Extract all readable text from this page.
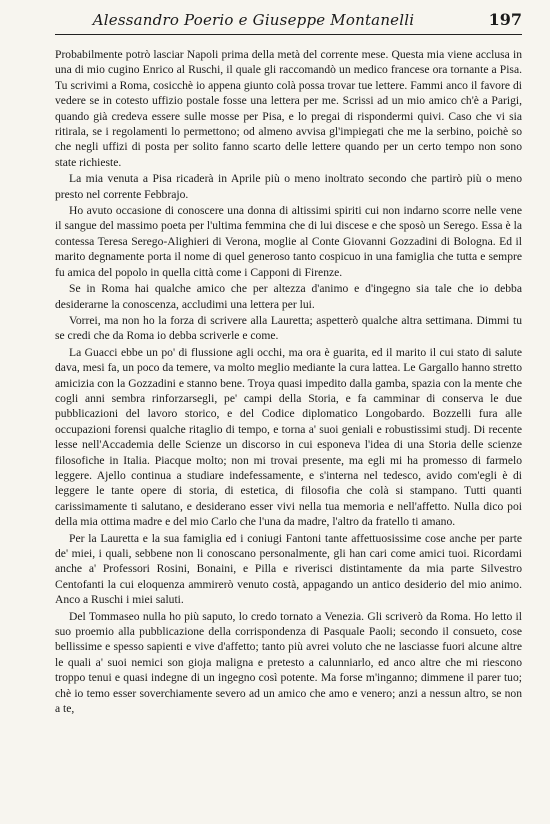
Alessandro Poerio e Giuseppe Montanelli	197

Probabilmente potrò lasciar Napoli prima della metà del corrente mese. Questa mia viene acclusa in una di mio cugino Enrico al Ruschi, il quale gli raccomandò un medico francese ora tornante a Pisa. Tu scrivimi a Roma, cosicchè io appena giunto colà possa trovar tue lettere. Fammi anco il favore di vedere se in cotesto uffizio postale fosse una lettera per me. Scrissi ad un mio amico ch'è a Parigi, quando già credeva essere sulle mosse per Pisa, e lo pregai di rispondermi quivi. Caso che vi sia ritirala, se i regolamenti lo permettono; od almeno avvisa gl'impiegati che me la serbino, poichè so che negli uffizi di posta per solito fanno scarto delle lettere quando per un certo tempo non sono state richieste.

La mia venuta a Pisa ricaderà in Aprile più o meno inoltrato secondo che partirò più o meno presto nel corrente Febbrajo.

Ho avuto occasione di conoscere una donna di altissimi spiriti cui non indarno scorre nelle vene il sangue del massimo poeta per l'ultima femmina che di lui discese e che sposò un Serego. Essa è la contessa Teresa Serego-Alighieri di Verona, moglie al Conte Giovanni Gozzadini di Bologna. Ed il marito degnamente porta il nome di quel generoso tanto cospicuo in una famiglia che tutta e sempre fu amica del popolo in quella città come i Capponi di Firenze.

Se in Roma hai qualche amico che per altezza d'animo e d'ingegno sia tale che io debba desiderarne la conoscenza, accludimi una lettera per lui.

Vorrei, ma non ho la forza di scrivere alla Lauretta; aspetterò qualche altra settimana. Dimmi tu se credi che da Roma io debba scriverle e come.

La Guacci ebbe un po' di flussione agli occhi, ma ora è guarita, ed il marito il cui stato di salute dava, mesi fa, un poco da temere, va molto meglio mediante la cura lattea. Le Gargallo hanno stretto amicizia con la Gozzadini e stanno bene. Troya quasi impedito dalla gamba, spazia con la mente che cogli anni sembra rinforzarsegli, pe' campi della Storia, e fa camminar di conserva le due pubblicazioni del lavoro storico, e del Codice diplomatico Longobardo. Bozzelli fura alle occupazioni forensi qualche ritaglio di tempo, e torna a' suoi geniali e robustissimi studj. Di recente lesse nell'Accademia delle Scienze un discorso in cui esponeva l'idea di una Storia delle scienze filosofiche in Italia. Piacque molto; non mi trovai presente, ma egli mi ha promesso di farmelo leggere. Ajello continua a studiare indefessamente, e s'interna nel tedesco, avido com'egli è di leggere le tante opere di storia, di estetica, di filosofia che colà si stampano. Tutti quanti carissimamente ti salutano, e desiderano esser vivi nella tua memoria e nell'affetto. Nulla dico poi della mia ottima madre e del mio Carlo che l'una da madre, l'altro da fratello ti amano.

Per la Lauretta e la sua famiglia ed i coniugi Fantoni tante affettuosissime cose anche per parte de' miei, i quali, sebbene non li conoscano personalmente, gli han cari come amici tuoi. Ricordami anche a' Professori Rosini, Bonaini, e Pilla e riverisci distintamente da mia parte Silvestro Centofanti la cui eloquenza ammirerò venuto costà, appagando un antico desiderio del mio animo. Anco a Ruschi i miei saluti.

Del Tommaseo nulla ho più saputo, lo credo tornato a Venezia. Gli scriverò da Roma. Ho letto il suo proemio alla pubblicazione della corrispondenza di Pasquale Paoli; secondo il consueto, cose bellissime e spesso sapienti e vive d'affetto; tanto più avrei voluto che ne lasciasse fuori alcune altre le quali a' suoi nemici son gioja maligna e pretesto a calunniarlo, ed anco altre che mi riescono troppo tenui e quasi indegne di un ingegno così potente. Ma forse m'inganno; dimmene il parer tuo; chè io temo esser soverchiamente severo ad un amico che amo e venero; anzi a nessun altro, se non a te,
